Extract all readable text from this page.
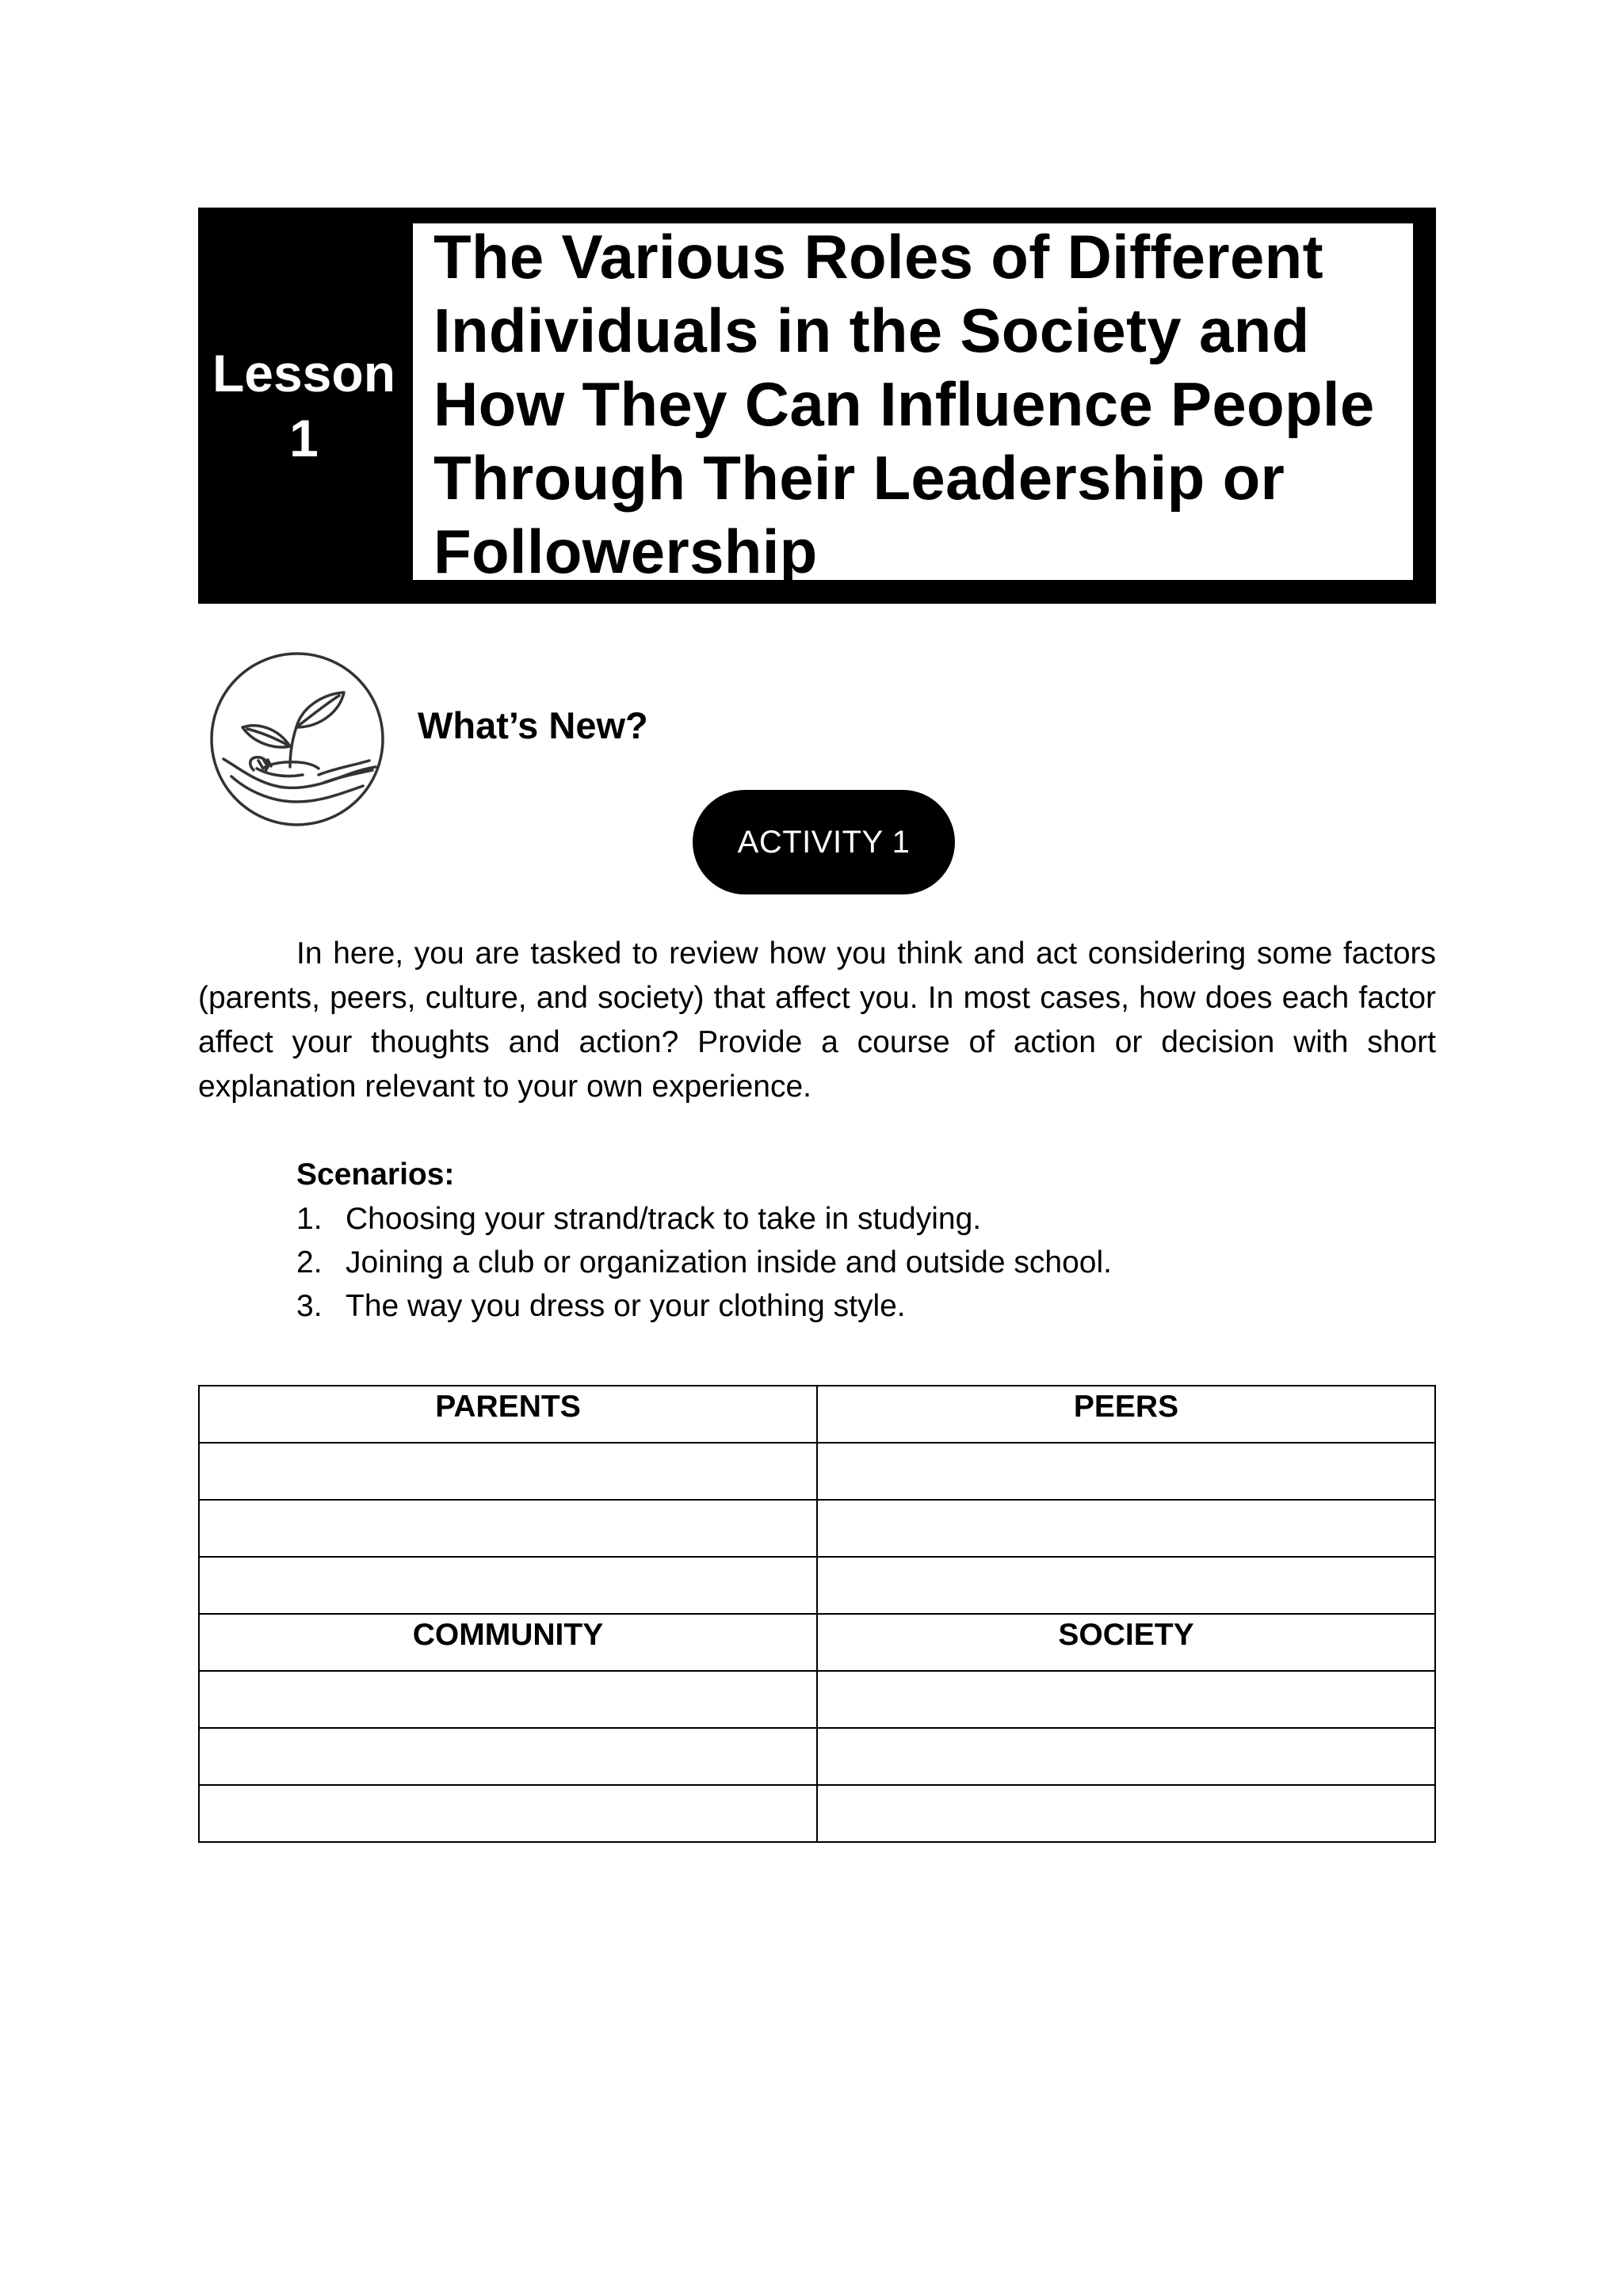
Lesson
1
The Various Roles of Different Individuals in the Society and How They Can Influence People Through Their Leadership or Followership
What’s New?
ACTIVITY 1

In here, you are tasked to review how you think and act considering some factors (parents, peers, culture, and society) that affect you. In most cases, how does each factor affect your thoughts and action? Provide a course of action or decision with short explanation relevant to your own experience.

Scenarios:

1. Choosing your strand/track to take in studying.
2. Joining a club or organization inside and outside school.
3. The way you dress or your clothing style.
PARENTS	PEERS

COMMUNITY	SOCIETY
